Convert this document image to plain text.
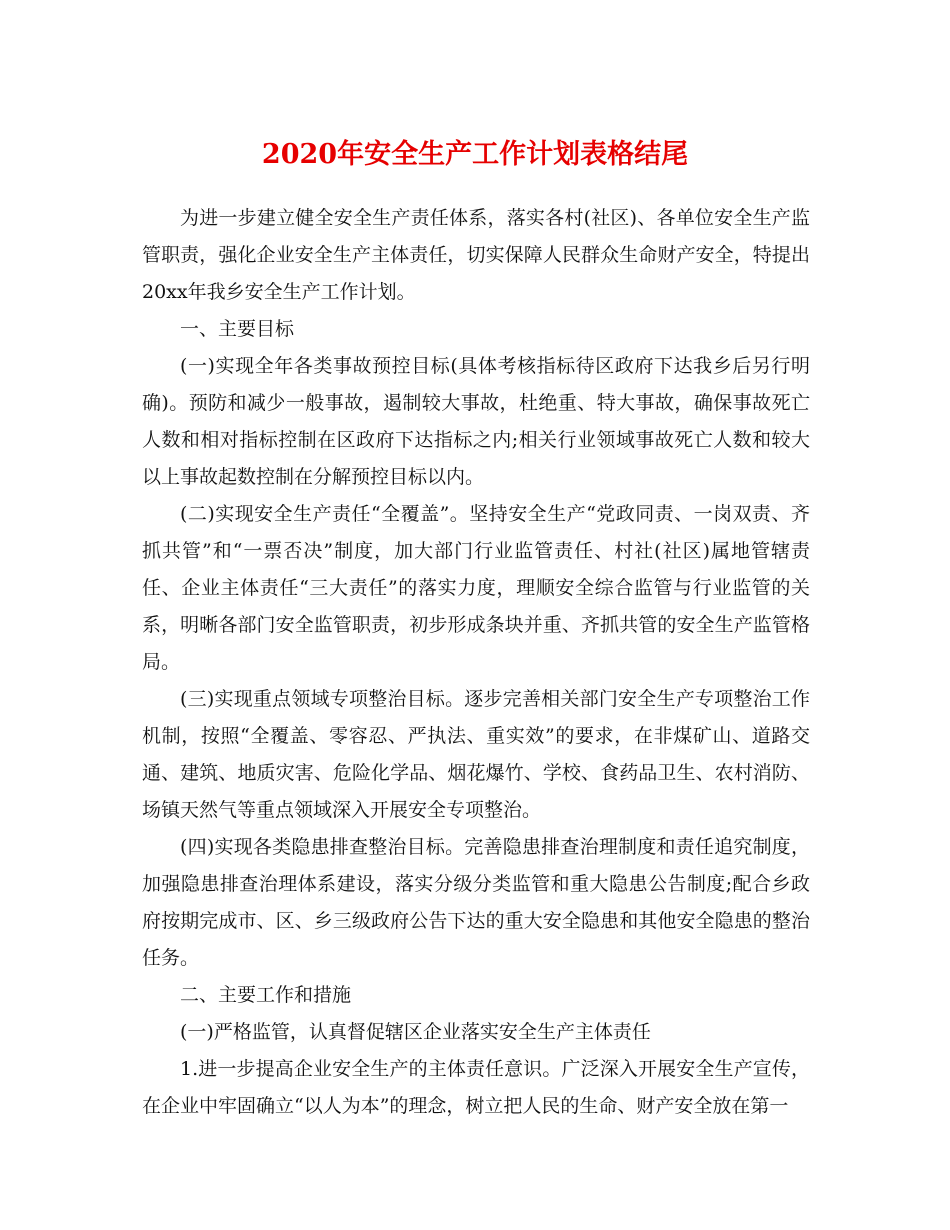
2020年安全生产工作计划表格结尾

为进一步建立健全安全生产责任体系，落实各村(社区)、各单位安全生产监管职责，强化企业安全生产主体责任，切实保障人民群众生命财产安全，特提出20xx年我乡安全生产工作计划。

一、主要目标

(一)实现全年各类事故预控目标(具体考核指标待区政府下达我乡后另行明确)。预防和减少一般事故，遏制较大事故，杜绝重、特大事故，确保事故死亡人数和相对指标控制在区政府下达指标之内;相关行业领域事故死亡人数和较大以上事故起数控制在分解预控目标以内。

(二)实现安全生产责任“全覆盖”。坚持安全生产“党政同责、一岗双责、齐抓共管”和“一票否决”制度，加大部门行业监管责任、村社(社区)属地管辖责任、企业主体责任“三大责任”的落实力度，理顺安全综合监管与行业监管的关系，明晰各部门安全监管职责，初步形成条块并重、齐抓共管的安全生产监管格局。

(三)实现重点领域专项整治目标。逐步完善相关部门安全生产专项整治工作机制，按照“全覆盖、零容忍、严执法、重实效”的要求，在非煤矿山、道路交通、建筑、地质灾害、危险化学品、烟花爆竹、学校、食药品卫生、农村消防、场镇天然气等重点领域深入开展安全专项整治。

(四)实现各类隐患排查整治目标。完善隐患排查治理制度和责任追究制度，加强隐患排查治理体系建设，落实分级分类监管和重大隐患公告制度;配合乡政府按期完成市、区、乡三级政府公告下达的重大安全隐患和其他安全隐患的整治任务。

二、主要工作和措施

(一)严格监管，认真督促辖区企业落实安全生产主体责任

1.进一步提高企业安全生产的主体责任意识。广泛深入开展安全生产宣传，在企业中牢固确立“以人为本”的理念，树立把人民的生命、财产安全放在第一
